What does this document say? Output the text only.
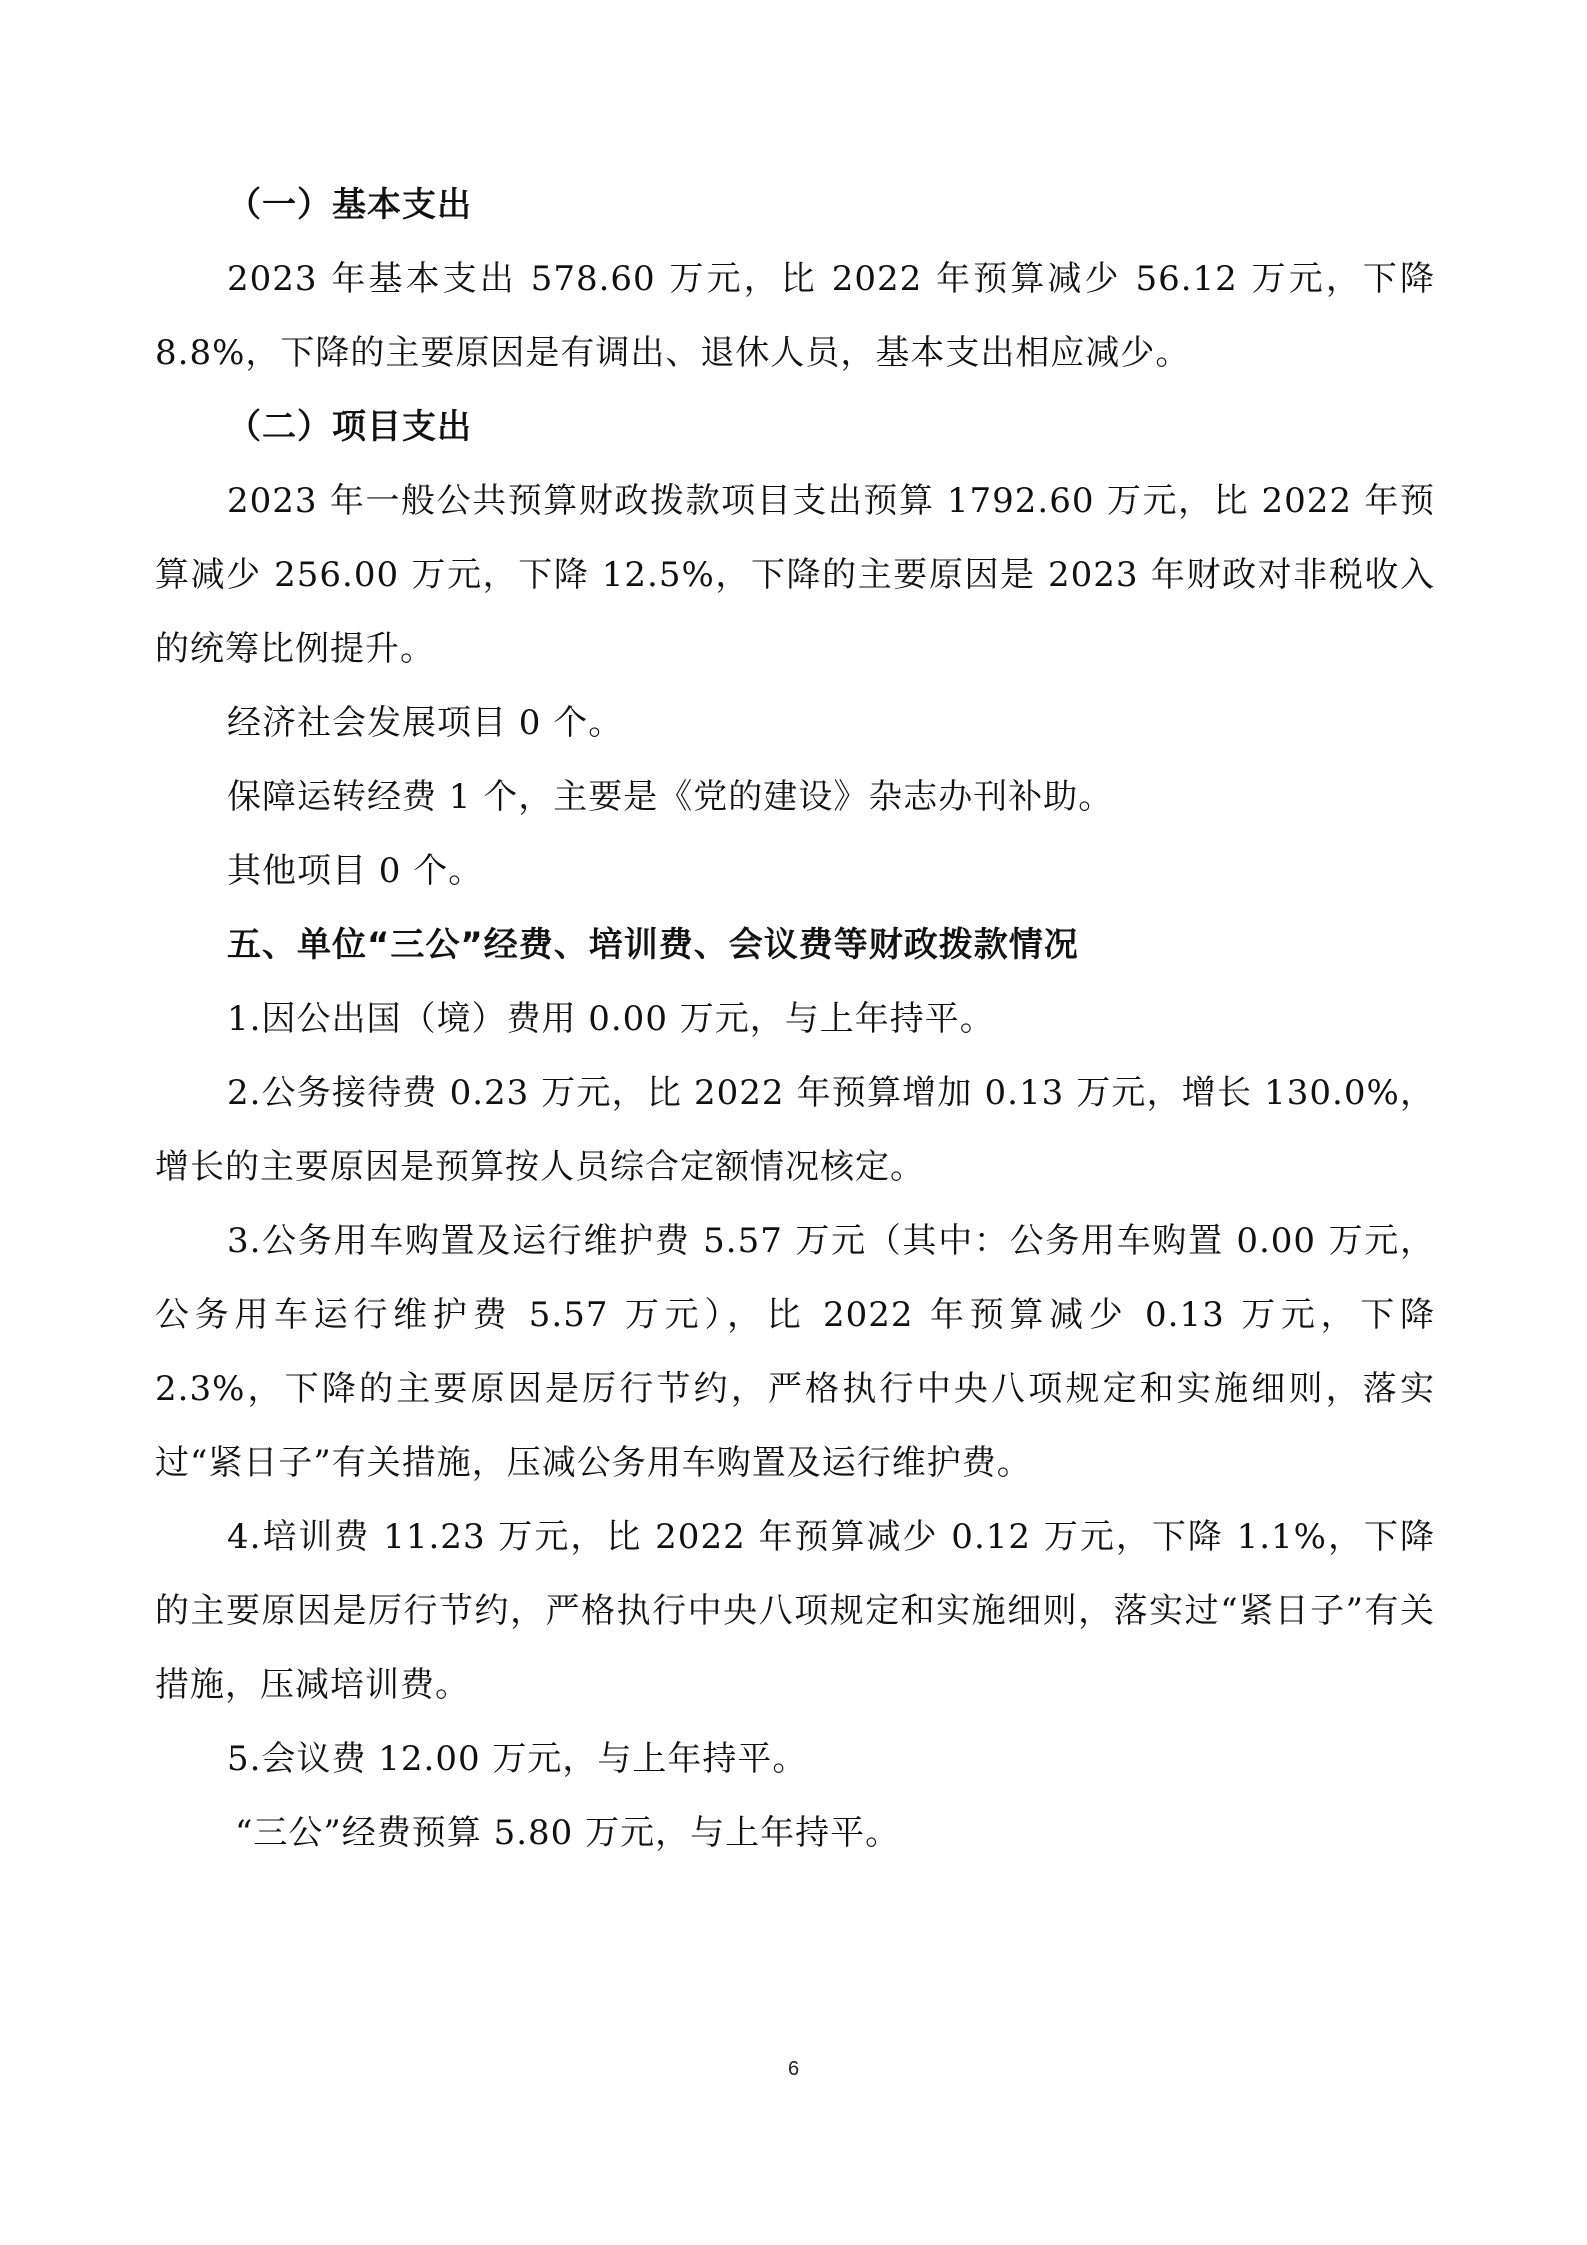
（一）基本支出

2023 年基本支出 578.60 万元，比 2022 年预算减少 56.12 万元，下降 8.8%，下降的主要原因是有调出、退休人员，基本支出相应减少。

（二）项目支出

2023 年一般公共预算财政拨款项目支出预算 1792.60 万元，比 2022 年预算减少 256.00 万元，下降 12.5%，下降的主要原因是 2023 年财政对非税收入的统筹比例提升。

经济社会发展项目 0 个。

保障运转经费 1 个，主要是《党的建设》杂志办刊补助。

其他项目 0 个。

五、单位“三公”经费、培训费、会议费等财政拨款情况

1.因公出国（境）费用 0.00 万元，与上年持平。

2.公务接待费 0.23 万元，比 2022 年预算增加 0.13 万元，增长 130.0%，增长的主要原因是预算按人员综合定额情况核定。

3.公务用车购置及运行维护费 5.57 万元（其中：公务用车购置 0.00 万元，公务用车运行维护费 5.57 万元），比 2022 年预算减少 0.13 万元，下降 2.3%，下降的主要原因是厉行节约，严格执行中央八项规定和实施细则，落实过“紧日子”有关措施，压减公务用车购置及运行维护费。

4.培训费 11.23 万元，比 2022 年预算减少 0.12 万元，下降 1.1%，下降的主要原因是厉行节约，严格执行中央八项规定和实施细则，落实过“紧日子”有关措施，压减培训费。

5.会议费 12.00 万元，与上年持平。

“三公”经费预算 5.80 万元，与上年持平。

6
